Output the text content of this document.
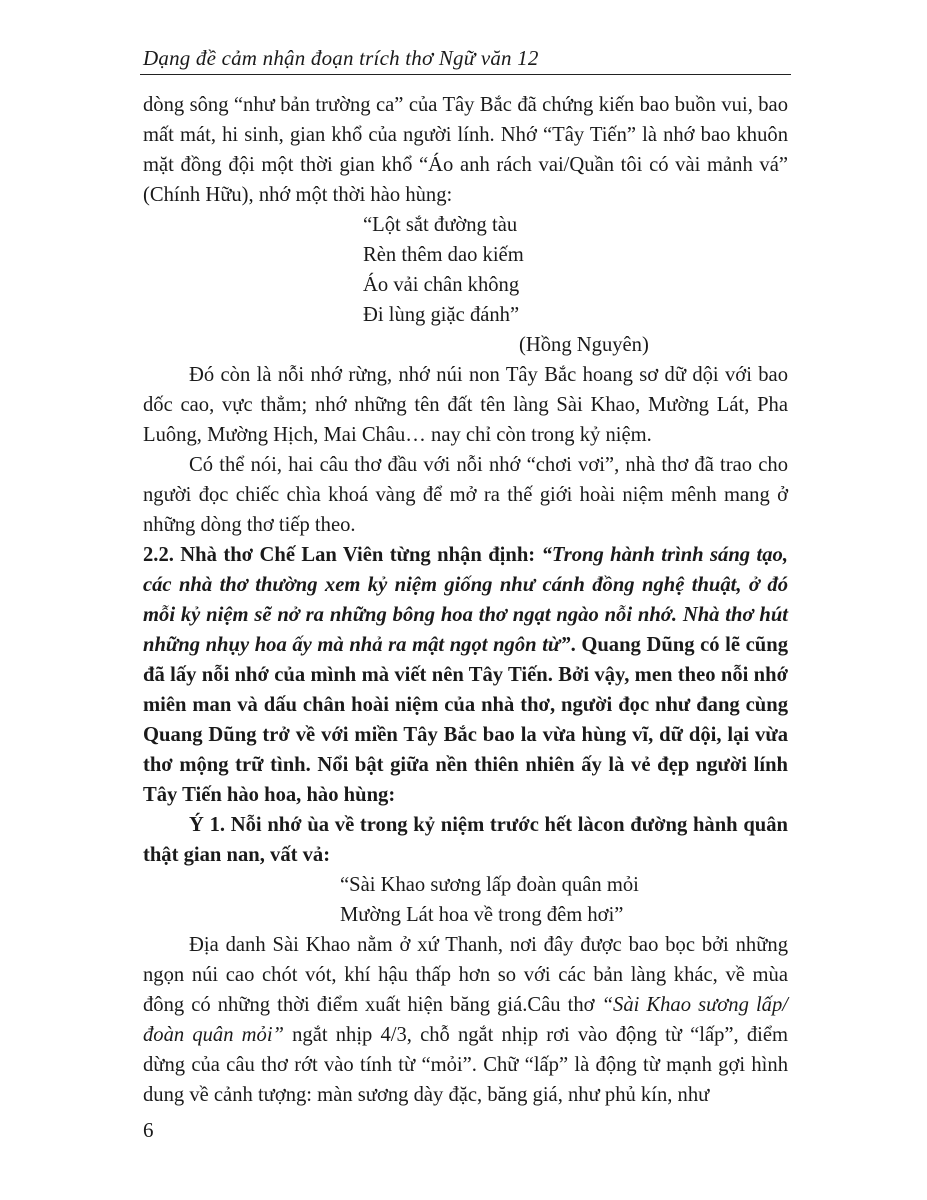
Dạng đề cảm nhận đoạn trích thơ Ngữ văn 12

dòng sông “như bản trường ca” của Tây Bắc đã chứng kiến bao buồn vui, bao mất mát, hi sinh, gian khổ của người lính. Nhớ “Tây Tiến” là nhớ bao khuôn mặt đồng đội một thời gian khổ “Áo anh rách vai/Quần tôi có vài mảnh vá” (Chính Hữu), nhớ một thời hào hùng:

“Lột sắt đường tàu
Rèn thêm dao kiếm
Áo vải chân không
Đi lùng giặc đánh”
(Hồng Nguyên)

Đó còn là nỗi nhớ rừng, nhớ núi non Tây Bắc hoang sơ dữ dội với bao dốc cao, vực thẳm; nhớ những tên đất tên làng Sài Khao, Mường Lát, Pha Luông, Mường Hịch, Mai Châu… nay chỉ còn trong kỷ niệm.

Có thể nói, hai câu thơ đầu với nỗi nhớ “chơi vơi”, nhà thơ đã trao cho người đọc chiếc chìa khoá vàng để mở ra thế giới hoài niệm mênh mang ở những dòng thơ tiếp theo.

2.2. Nhà thơ Chế Lan Viên từng nhận định: “Trong hành trình sáng tạo, các nhà thơ thường xem kỷ niệm giống như cánh đồng nghệ thuật, ở đó mỗi kỷ niệm sẽ nở ra những bông hoa thơ ngạt ngào nỗi nhớ. Nhà thơ hút những nhụy hoa ấy mà nhả ra mật ngọt ngôn từ”. Quang Dũng có lẽ cũng đã lấy nỗi nhớ của mình mà viết nên Tây Tiến. Bởi vậy, men theo nỗi nhớ miên man và dấu chân hoài niệm của nhà thơ, người đọc như đang cùng Quang Dũng trở về với miền Tây Bắc bao la vừa hùng vĩ, dữ dội, lại vừa thơ mộng trữ tình. Nổi bật giữa nền thiên nhiên ấy là vẻ đẹp người lính Tây Tiến hào hoa, hào hùng:

Ý 1. Nỗi nhớ ùa về trong kỷ niệm trước hết làcon đường hành quân thật gian nan, vất vả:

“Sài Khao sương lấp đoàn quân mỏi
Mường Lát hoa về trong đêm hơi”

Địa danh Sài Khao nằm ở xứ Thanh, nơi đây được bao bọc bởi những ngọn núi cao chót vót, khí hậu thấp hơn so với các bản làng khác, về mùa đông có những thời điểm xuất hiện băng giá.Câu thơ “Sài Khao sương lấp/ đoàn quân mỏi” ngắt nhịp 4/3, chỗ ngắt nhịp rơi vào động từ “lấp”, điểm dừng của câu thơ rớt vào tính từ “mỏi”. Chữ “lấp” là động từ mạnh gợi hình dung về cảnh tượng: màn sương dày đặc, băng giá, như phủ kín, như

6
